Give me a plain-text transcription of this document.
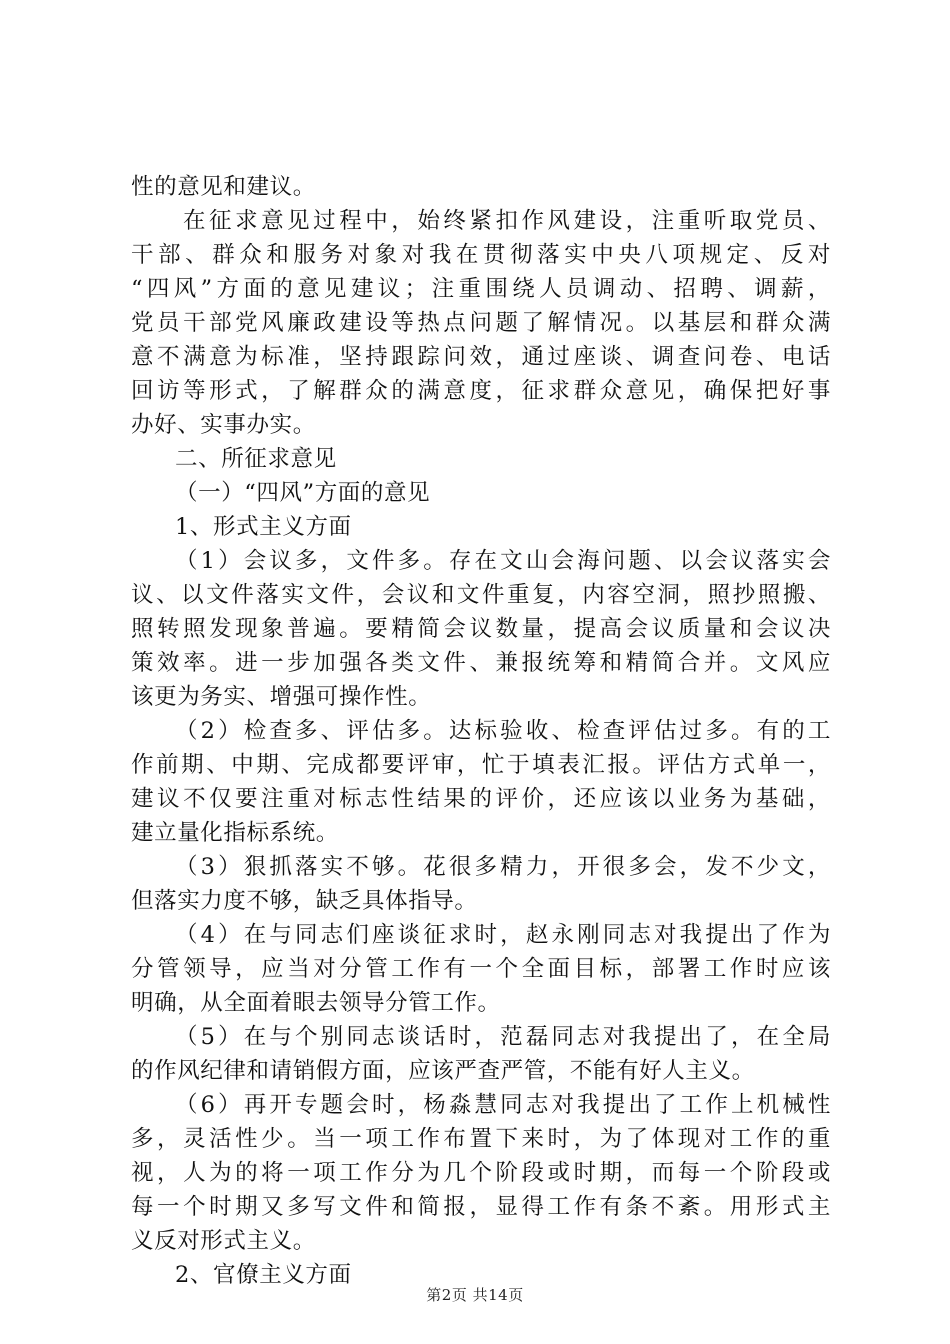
性的意见和建议。
在征求意见过程中，始终紧扣作风建设，注重听取党员、
干部、群众和服务对象对我在贯彻落实中央八项规定、反对
“四风”方面的意见建议；注重围绕人员调动、招聘、调薪，
党员干部党风廉政建设等热点问题了解情况。以基层和群众满
意不满意为标准，坚持跟踪问效，通过座谈、调查问卷、电话
回访等形式，了解群众的满意度，征求群众意见，确保把好事
办好、实事办实。
二、所征求意见
（一）“四风”方面的意见
1、形式主义方面
（1）会议多，文件多。存在文山会海问题、以会议落实会
议、以文件落实文件，会议和文件重复，内容空洞，照抄照搬、
照转照发现象普遍。要精简会议数量，提高会议质量和会议决
策效率。进一步加强各类文件、兼报统筹和精简合并。文风应
该更为务实、增强可操作性。
（2）检查多、评估多。达标验收、检查评估过多。有的工
作前期、中期、完成都要评审，忙于填表汇报。评估方式单一，
建议不仅要注重对标志性结果的评价，还应该以业务为基础，
建立量化指标系统。
（3）狠抓落实不够。花很多精力，开很多会，发不少文，
但落实力度不够，缺乏具体指导。
（4）在与同志们座谈征求时，赵永刚同志对我提出了作为
分管领导，应当对分管工作有一个全面目标，部署工作时应该
明确，从全面着眼去领导分管工作。
（5）在与个别同志谈话时，范磊同志对我提出了，在全局
的作风纪律和请销假方面，应该严查严管，不能有好人主义。
（6）再开专题会时，杨淼慧同志对我提出了工作上机械性
多，灵活性少。当一项工作布置下来时，为了体现对工作的重
视，人为的将一项工作分为几个阶段或时期，而每一个阶段或
每一个时期又多写文件和简报，显得工作有条不紊。用形式主
义反对形式主义。
2、官僚主义方面
第2页 共14页
